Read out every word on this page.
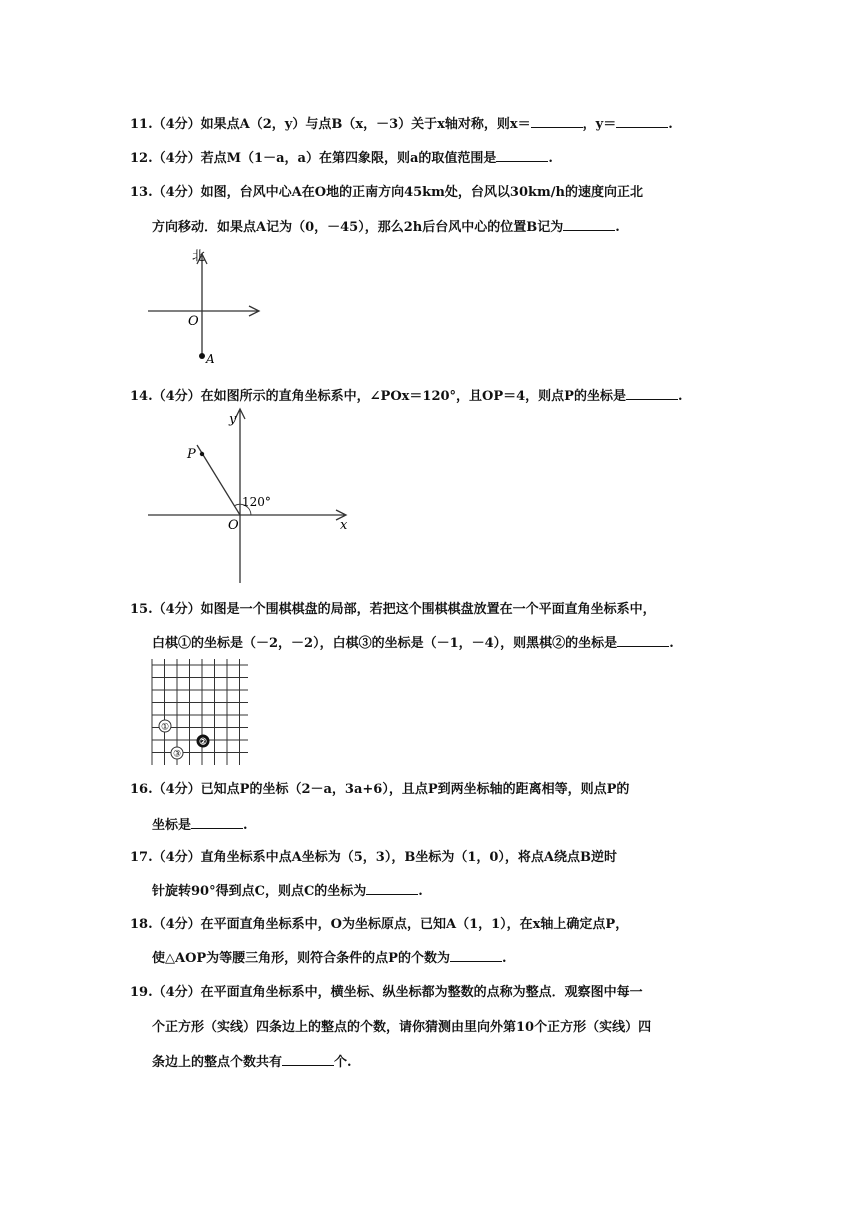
11.（4分）如果点A（2，y）与点B（x，－3）关于x轴对称，则x＝	，y＝	.
12.（4分）若点M（1－a，a）在第四象限，则a的取值范围是	.
13.（4分）如图，台风中心A在O地的正南方向45km处，台风以30km/h的速度向正北
方向移动．如果点A记为（0，－45），那么2h后台风中心的位置B记为	.
北
O
A
14.（4分）在如图所示的直角坐标系中，∠POx＝120°，且OP＝4，则点P的坐标是	.
y
x
O
P
120°
15.（4分）如图是一个围棋棋盘的局部，若把这个围棋棋盘放置在一个平面直角坐标系中，
白棋①的坐标是（－2，－2），白棋③的坐标是（－1，－4），则黑棋②的坐标是	.
①
②
③
16.（4分）已知点P的坐标（2－a，3a+6），且点P到两坐标轴的距离相等，则点P的
坐标是	.
17.（4分）直角坐标系中点A坐标为（5，3），B坐标为（1，0），将点A绕点B逆时
针旋转90°得到点C，则点C的坐标为	.
18.（4分）在平面直角坐标系中，O为坐标原点，已知A（1，1），在x轴上确定点P，
使△AOP为等腰三角形，则符合条件的点P的个数为	.
19.（4分）在平面直角坐标系中，横坐标、纵坐标都为整数的点称为整点．观察图中每一
个正方形（实线）四条边上的整点的个数，请你猜测由里向外第10个正方形（实线）四
条边上的整点个数共有	个.
